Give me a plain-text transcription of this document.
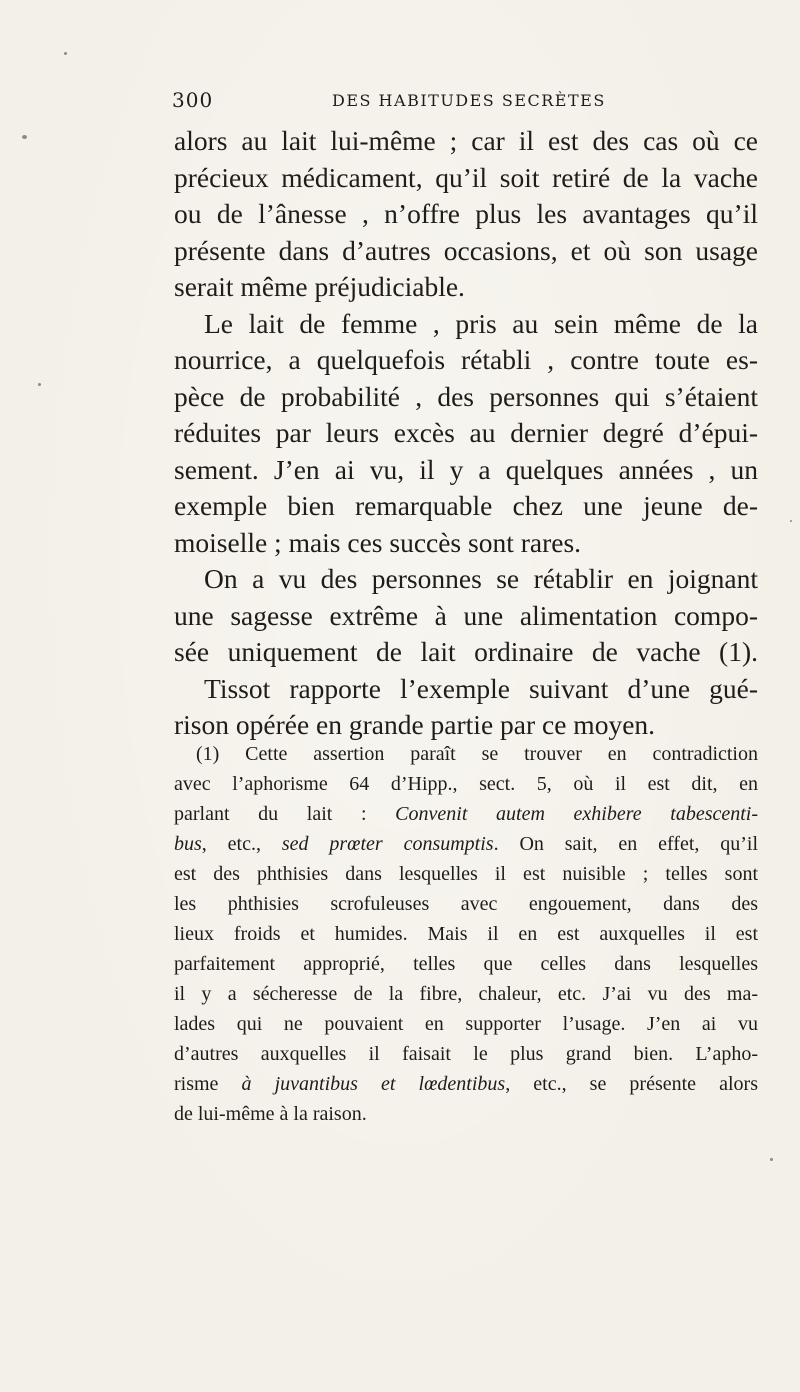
300	DES HABITUDES SECRÈTES
alors au lait lui-même ; car il est des cas où ce
précieux médicament, qu’il soit retiré de la vache
ou de l’ânesse , n’offre plus les avantages qu’il
présente dans d’autres occasions, et où son usage
serait même préjudiciable.
Le lait de femme , pris au sein même de la
nourrice, a quelquefois rétabli , contre toute es-
pèce de probabilité , des personnes qui s’étaient
réduites par leurs excès au dernier degré d’épui-
sement. J’en ai vu, il y a quelques années , un
exemple bien remarquable chez une jeune de-
moiselle ; mais ces succès sont rares.
On a vu des personnes se rétablir en joignant
une sagesse extrême à une alimentation compo-
sée uniquement de lait ordinaire de vache (1).
Tissot rapporte l’exemple suivant d’une gué-
rison opérée en grande partie par ce moyen.
(1) Cette assertion paraît se trouver en contradiction
avec l’aphorisme 64 d’Hipp., sect. 5, où il est dit, en
parlant du lait : Convenit autem exhibere tabescenti-
bus, etc., sed prœter consumptis. On sait, en effet, qu’il
est des phthisies dans lesquelles il est nuisible ; telles sont
les phthisies scrofuleuses avec engouement, dans des
lieux froids et humides. Mais il en est auxquelles il est
parfaitement approprié, telles que celles dans lesquelles
il y a sécheresse de la fibre, chaleur, etc. J’ai vu des ma-
lades qui ne pouvaient en supporter l’usage. J’en ai vu
d’autres auxquelles il faisait le plus grand bien. L’apho-
risme à juvantibus et lœdentibus, etc., se présente alors
de lui-même à la raison.
